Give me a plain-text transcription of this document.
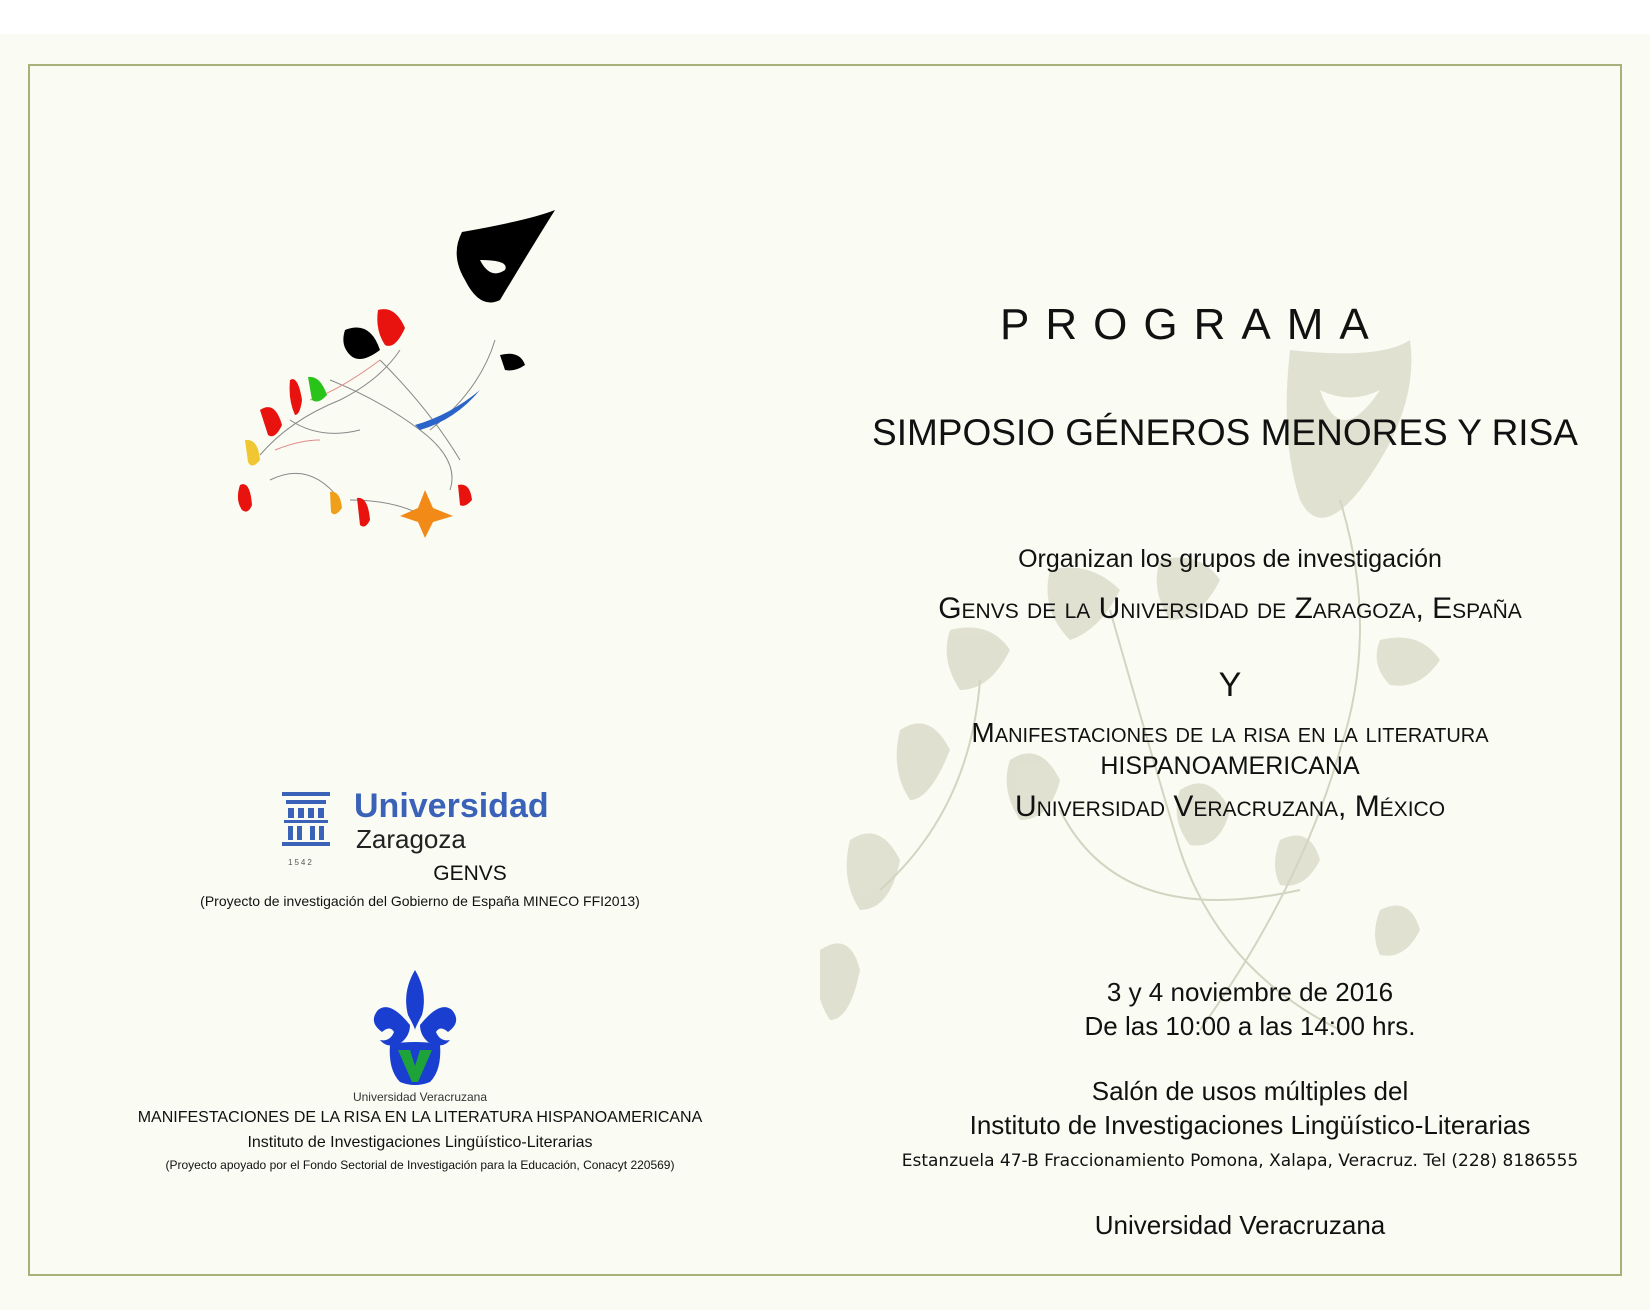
PROGRAMA
SIMPOSIO GÉNEROS MENORES Y RISA
Organizan los grupos de investigación
Genvs de la Universidad de Zaragoza, España
Y
Manifestaciones de la risa en la literatura
HISPANOAMERICANA
Universidad Veracruzana, México
3 y 4 noviembre de 2016
De las 10:00 a las 14:00 hrs.
Salón de usos múltiples del
Instituto de Investigaciones Lingüístico-Literarias
Estanzuela 47-B Fraccionamiento Pomona, Xalapa, Veracruz. Tel (228) 8186555
Universidad Veracruzana
Universidad
Zaragoza
1542	GENVS
(Proyecto de investigación del Gobierno de España MINECO FFI2013)
Universidad Veracruzana
MANIFESTACIONES DE LA RISA EN LA LITERATURA HISPANOAMERICANA
Instituto de Investigaciones Lingüístico-Literarias
(Proyecto apoyado por el Fondo Sectorial de Investigación para la Educación, Conacyt 220569)
